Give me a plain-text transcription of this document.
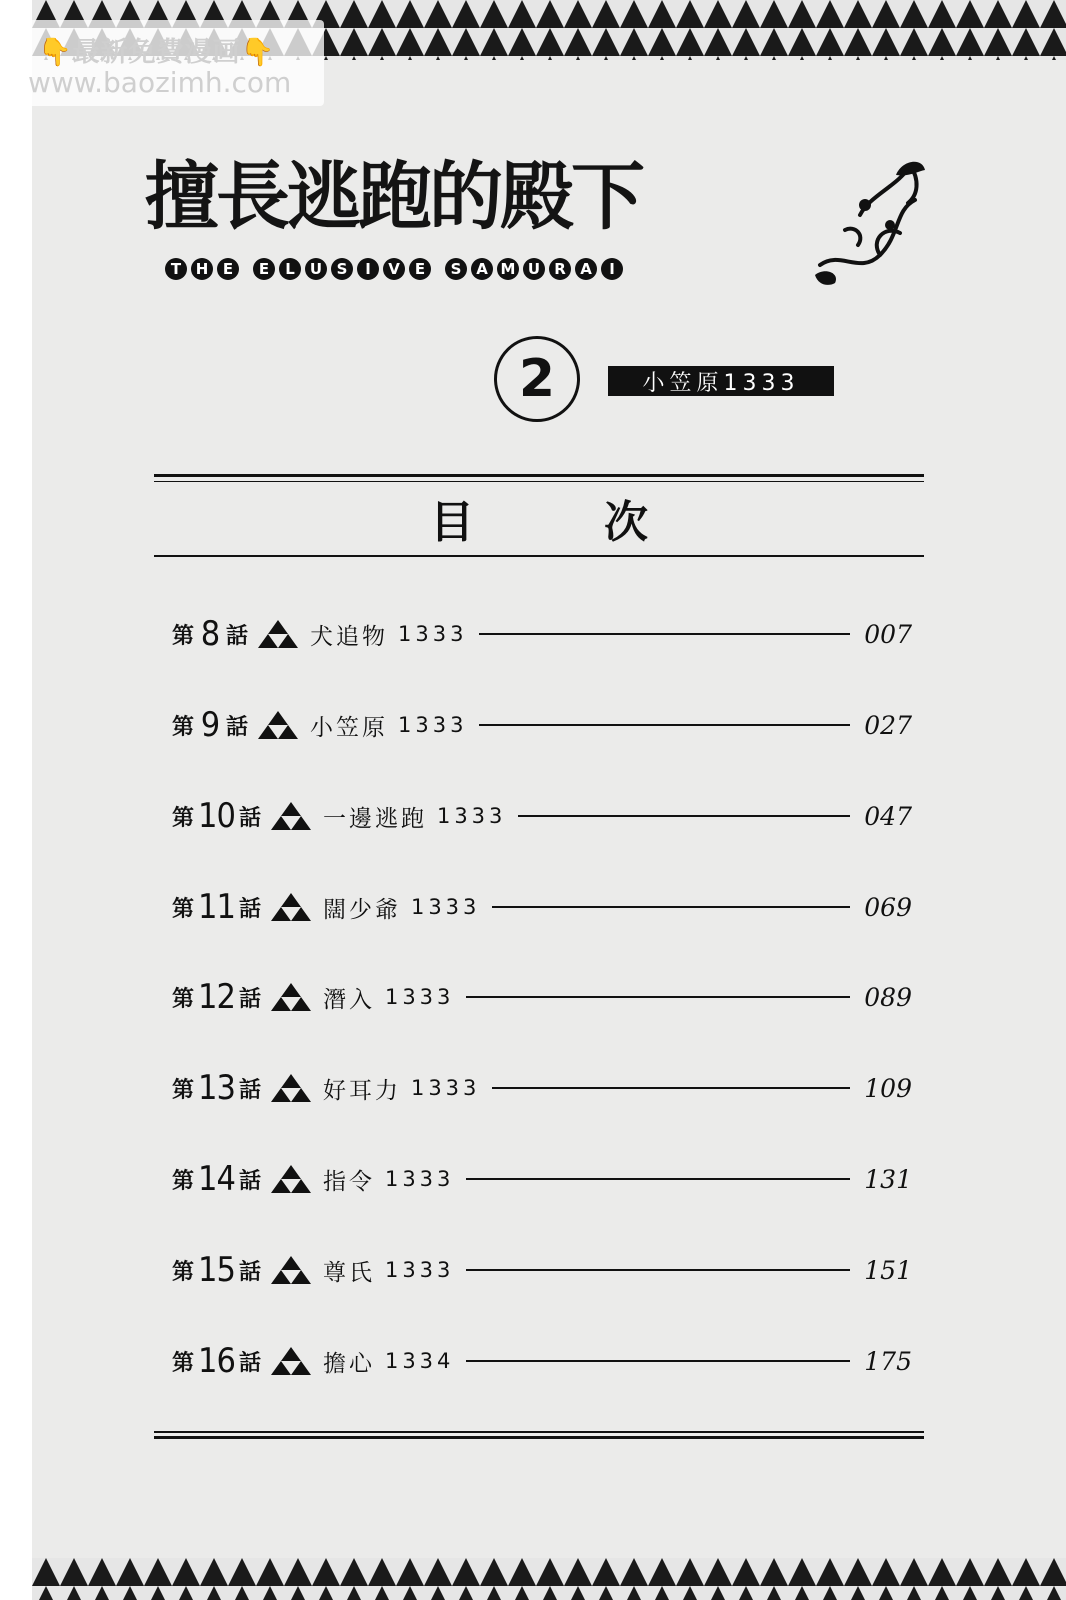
👇最新免費漫画👇
www.baozimh.com
擅長逃跑的殿下
T H E	E	L	U S	I	V	E	S A M U R A	I
2	小笠原1333
目次
第 8 話	犬追物 1333	007
第 9 話	小笠原 1333	027
第 10 話	一邊逃跑 1333	047
第 11 話	闊少爺 1333	069
第 12 話	潛入 1333	089
第 13 話	好耳力 1333	109
第 14 話	指令 1333	131
第 15 話	尊氏 1333	151
第 16 話	擔心 1334	175
